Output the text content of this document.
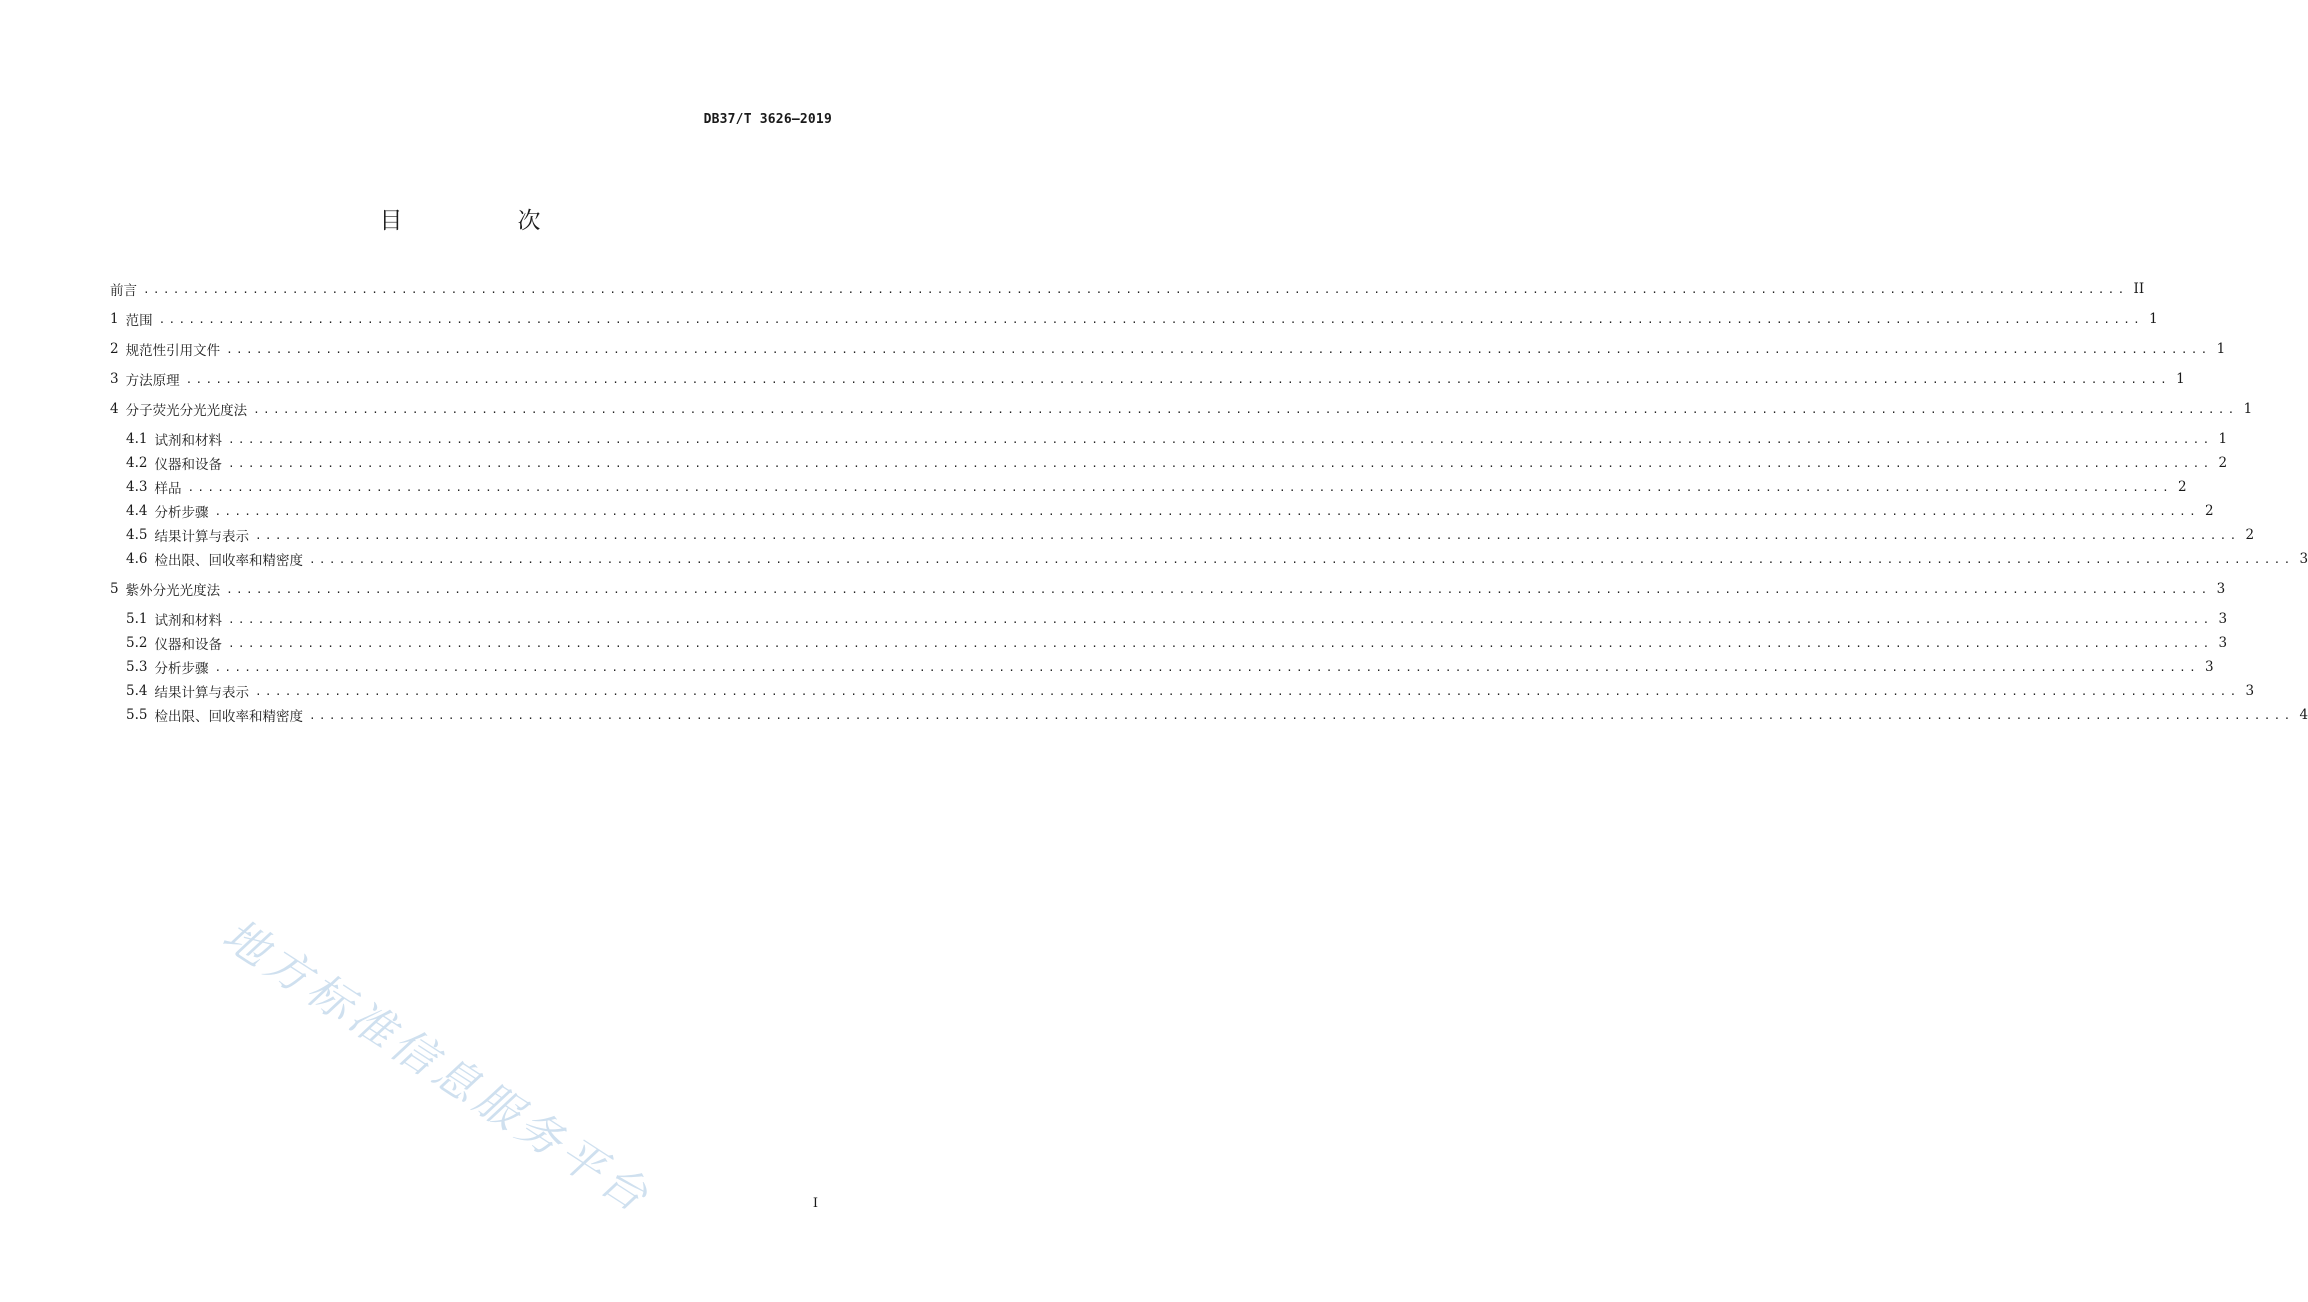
DB37/T 3626—2019
目　次
前言 ........................................................................................................................................................................................................ II
1 范围 ........................................................................................................................................................................................................ 1
2 规范性引用文件 ........................................................................................................................................................................................................ 1
3 方法原理 ........................................................................................................................................................................................................ 1
4 分子荧光分光光度法 ........................................................................................................................................................................................................ 1
4.1 试剂和材料 ........................................................................................................................................................................................................ 1
4.2 仪器和设备 ........................................................................................................................................................................................................ 2
4.3 样品 ........................................................................................................................................................................................................ 2
4.4 分析步骤 ........................................................................................................................................................................................................ 2
4.5 结果计算与表示 ........................................................................................................................................................................................................ 2
4.6 检出限、回收率和精密度 ........................................................................................................................................................................................................ 3
5 紫外分光光度法 ........................................................................................................................................................................................................ 3
5.1 试剂和材料 ........................................................................................................................................................................................................ 3
5.2 仪器和设备 ........................................................................................................................................................................................................ 3
5.3 分析步骤 ........................................................................................................................................................................................................ 3
5.4 结果计算与表示 ........................................................................................................................................................................................................ 3
5.5 检出限、回收率和精密度 ........................................................................................................................................................................................................ 4
地方标准信息服务平台	I
